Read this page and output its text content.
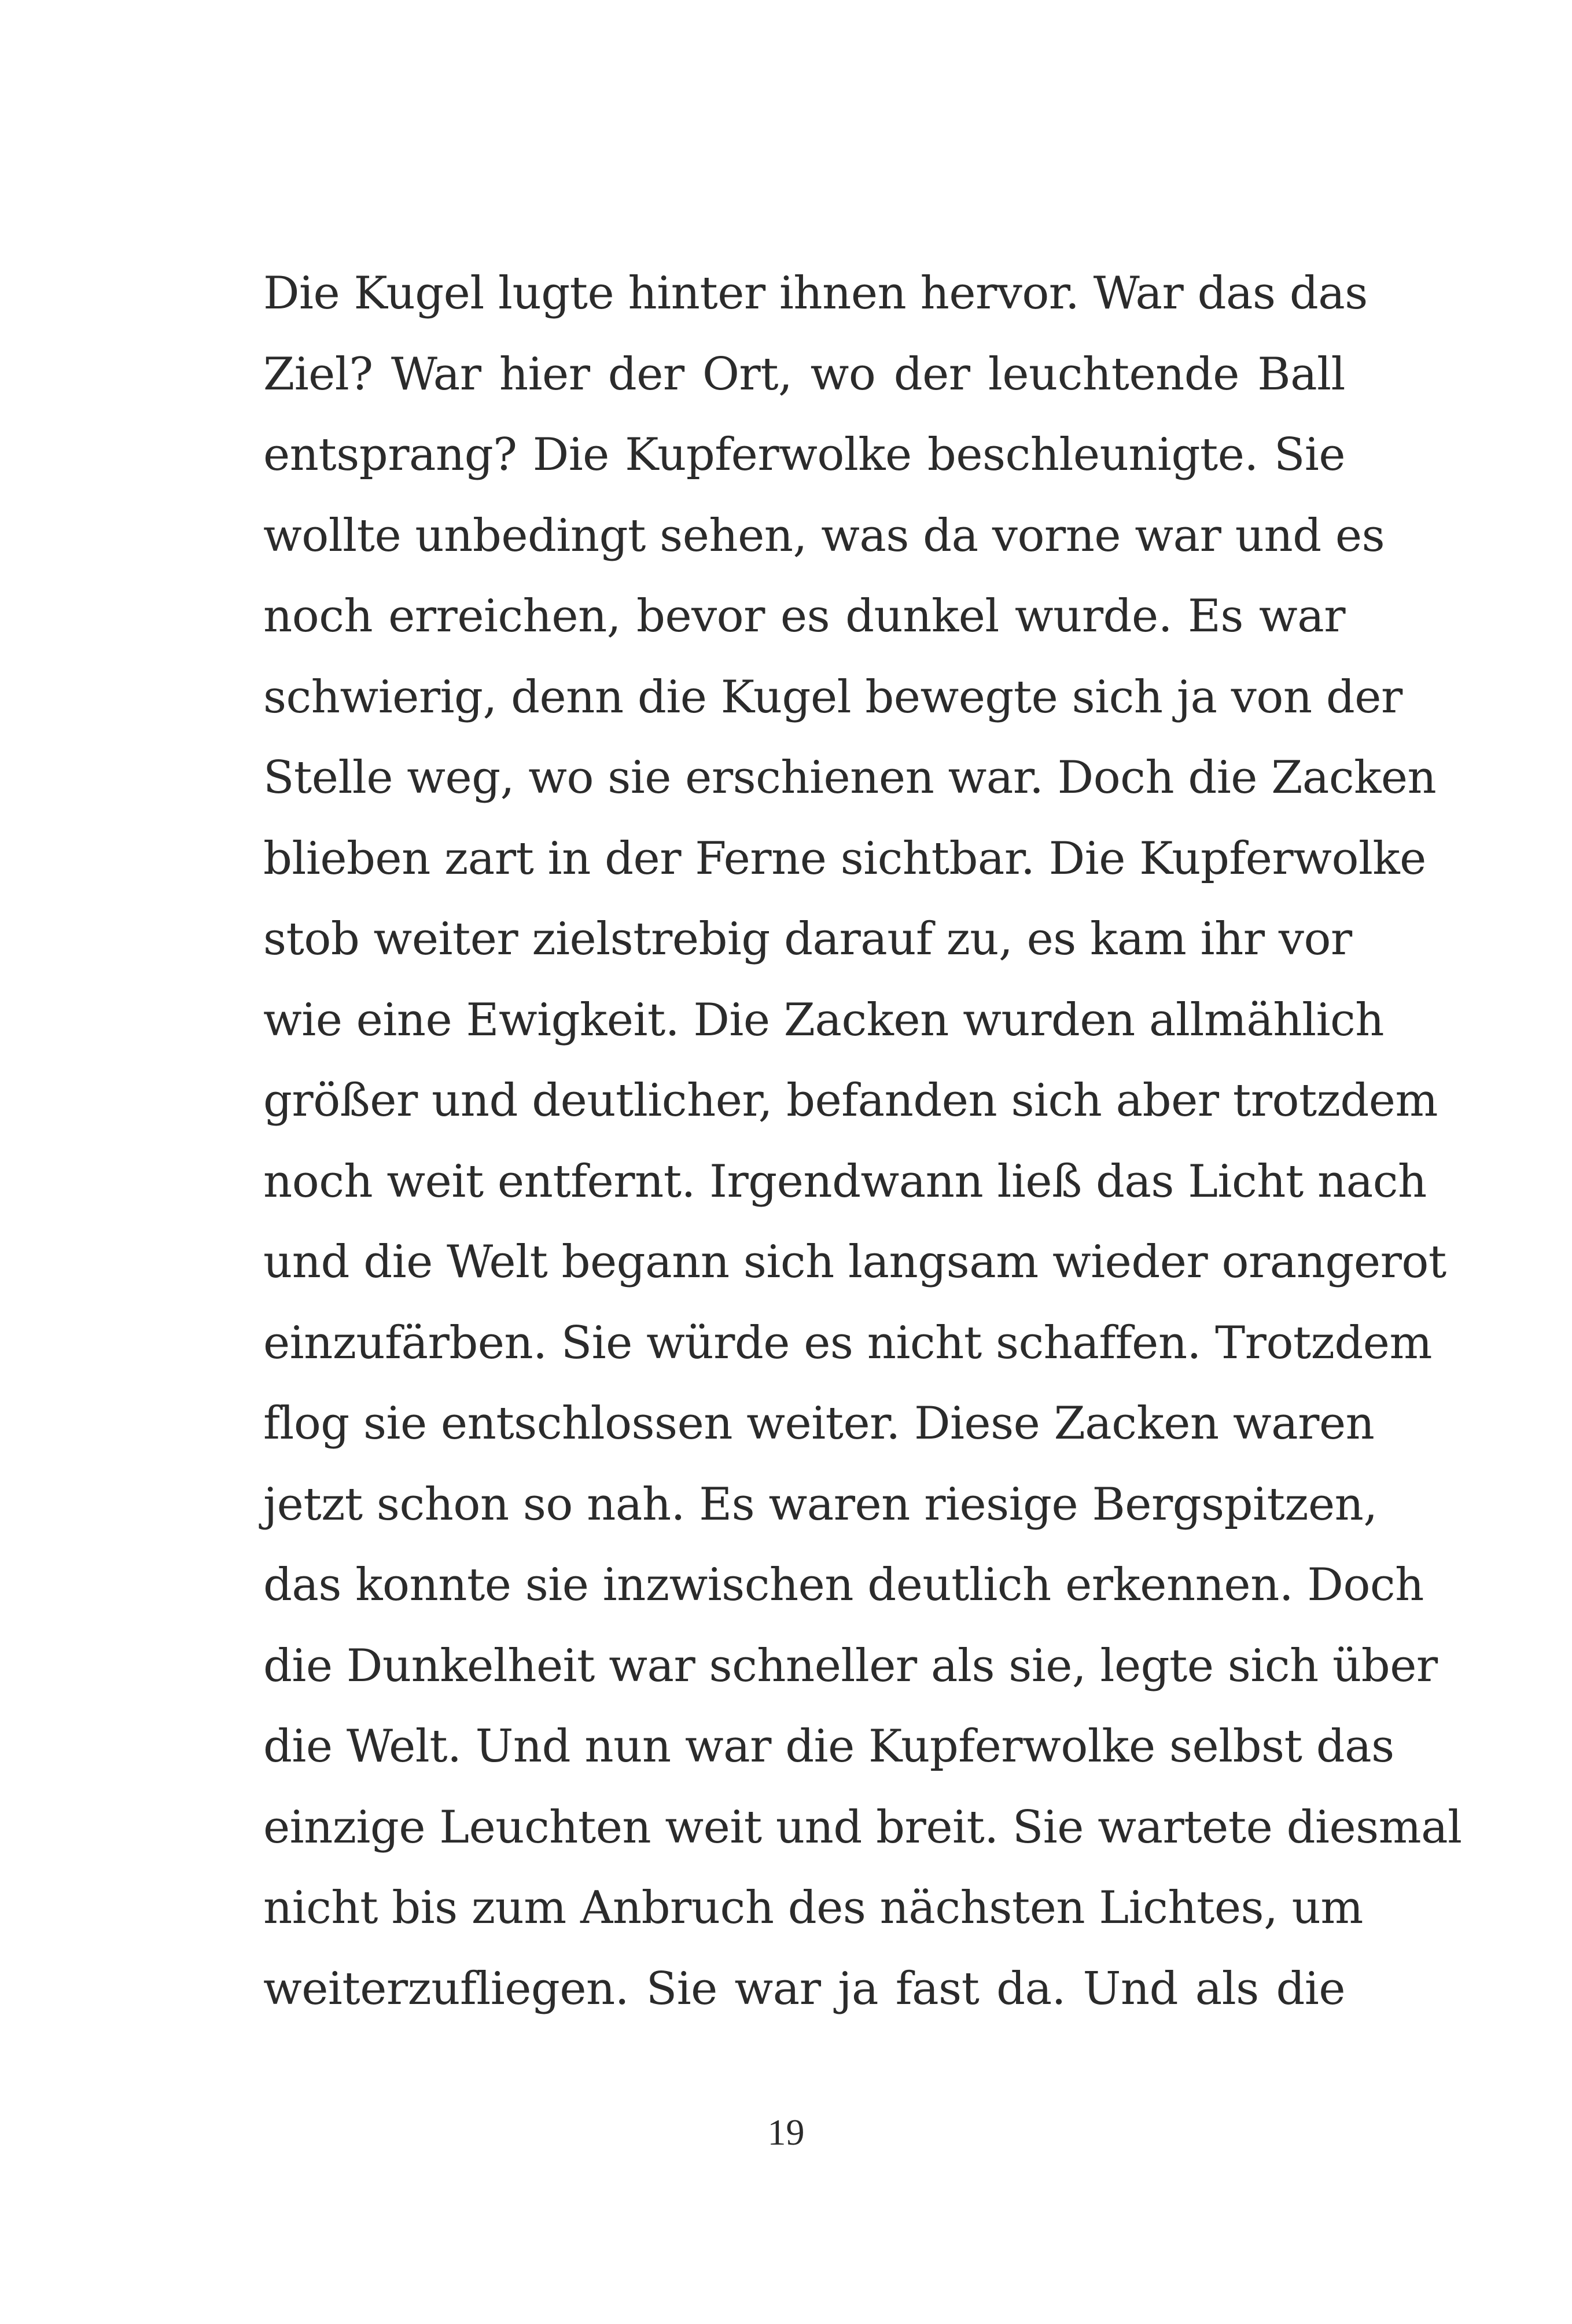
Die Kugel lugte hinter ihnen hervor. War das das
Ziel? War hier der Ort, wo der leuchtende Ball
entsprang? Die Kupferwolke beschleunigte. Sie
wollte unbedingt sehen, was da vorne war und es
noch erreichen, bevor es dunkel wurde. Es war
schwierig, denn die Kugel bewegte sich ja von der
Stelle weg, wo sie erschienen war. Doch die Zacken
blieben zart in der Ferne sichtbar. Die Kupferwolke
stob weiter zielstrebig darauf zu, es kam ihr vor
wie eine Ewigkeit. Die Zacken wurden allmählich
größer und deutlicher, befanden sich aber trotzdem
noch weit entfernt. Irgendwann ließ das Licht nach
und die Welt begann sich langsam wieder orangerot
einzufärben. Sie würde es nicht schaffen. Trotzdem
flog sie entschlossen weiter. Diese Zacken waren
jetzt schon so nah. Es waren riesige Bergspitzen,
das konnte sie inzwischen deutlich erkennen. Doch
die Dunkelheit war schneller als sie, legte sich über
die Welt. Und nun war die Kupferwolke selbst das
einzige Leuchten weit und breit. Sie wartete diesmal
nicht bis zum Anbruch des nächsten Lichtes, um
weiterzufliegen. Sie war ja fast da. Und als die
19
